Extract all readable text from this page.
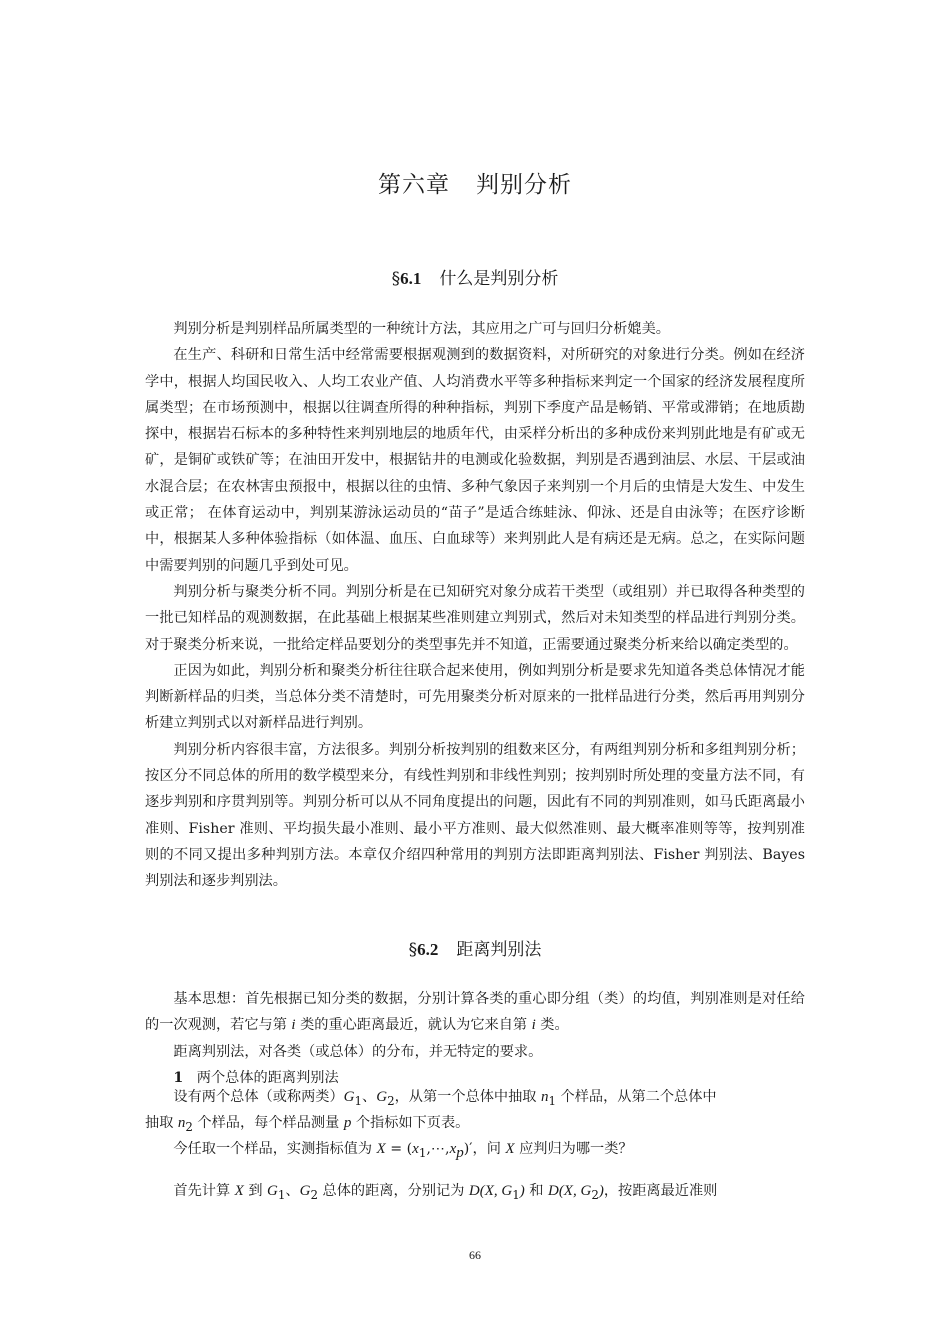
第六章 判别分析
§6.1 什么是判别分析

判别分析是判别样品所属类型的一种统计方法，其应用之广可与回归分析媲美。

在生产、科研和日常生活中经常需要根据观测到的数据资料，对所研究的对象进行分类。例如在经济学中，根据人均国民收入、人均工农业产值、人均消费水平等多种指标来判定一个国家的经济发展程度所属类型；在市场预测中，根据以往调查所得的种种指标，判别下季度产品是畅销、平常或滞销；在地质勘探中，根据岩石标本的多种特性来判别地层的地质年代，由采样分析出的多种成份来判别此地是有矿或无矿，是铜矿或铁矿等；在油田开发中，根据钻井的电测或化验数据，判别是否遇到油层、水层、干层或油水混合层；在农林害虫预报中，根据以往的虫情、多种气象因子来判别一个月后的虫情是大发生、中发生或正常； 在体育运动中，判别某游泳运动员的“苗子”是适合练蛙泳、仰泳、还是自由泳等；在医疗诊断中，根据某人多种体验指标（如体温、血压、白血球等）来判别此人是有病还是无病。总之，在实际问题中需要判别的问题几乎到处可见。

判别分析与聚类分析不同。判别分析是在已知研究对象分成若干类型（或组别）并已取得各种类型的一批已知样品的观测数据，在此基础上根据某些准则建立判别式，然后对未知类型的样品进行判别分类。对于聚类分析来说，一批给定样品要划分的类型事先并不知道，正需要通过聚类分析来给以确定类型的。

正因为如此，判别分析和聚类分析往往联合起来使用，例如判别分析是要求先知道各类总体情况才能判断新样品的归类，当总体分类不清楚时，可先用聚类分析对原来的一批样品进行分类，然后再用判别分析建立判别式以对新样品进行判别。

判别分析内容很丰富，方法很多。判别分析按判别的组数来区分，有两组判别分析和多组判别分析；按区分不同总体的所用的数学模型来分，有线性判别和非线性判别；按判别时所处理的变量方法不同，有逐步判别和序贯判别等。判别分析可以从不同角度提出的问题，因此有不同的判别准则，如马氏距离最小准则、Fisher 准则、平均损失最小准则、最小平方准则、最大似然准则、最大概率准则等等，按判别准则的不同又提出多种判别方法。本章仅介绍四种常用的判别方法即距离判别法、Fisher 判别法、Bayes 判别法和逐步判别法。

§6.2 距离判别法

基本思想：首先根据已知分类的数据，分别计算各类的重心即分组（类）的均值，判别准则是对任给的一次观测，若它与第 i 类的重心距离最近，就认为它来自第 i 类。

距离判别法，对各类（或总体）的分布，并无特定的要求。

1 两个总体的距离判别法

设有两个总体（或称两类）$G_1$、$G_2$，从第一个总体中抽取 $n_1$ 个样品，从第二个总体中
抽取 $n_2$ 个样品，每个样品测量 p 个指标如下页表。
今任取一个样品，实测指标值为 $X = (x_1,\cdots,x_p)'$，问 X 应判归为哪一类？
首先计算 X 到 $G_1$、$G_2$ 总体的距离，分别记为 D(X, $G_1$) 和 D(X, $G_2$)，按距离最近准则
66
